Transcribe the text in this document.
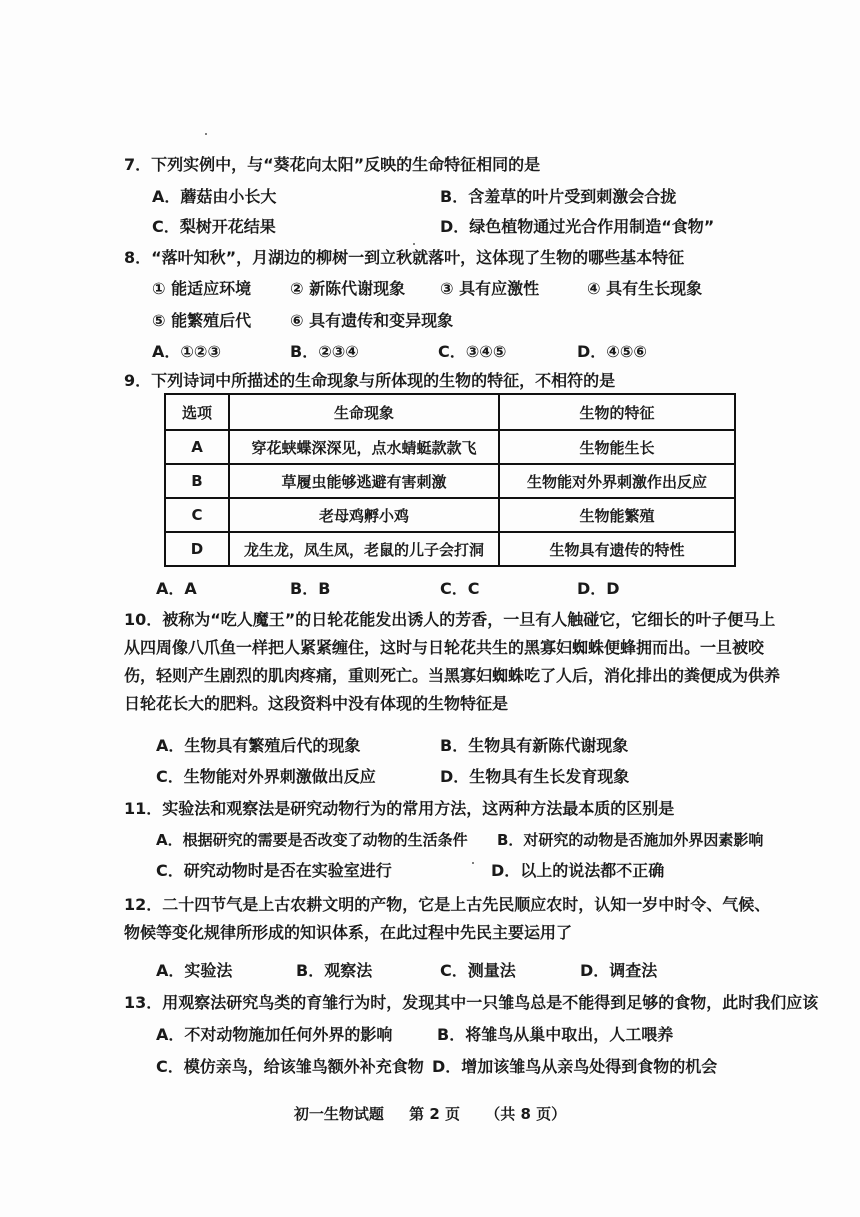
7．下列实例中，与“葵花向太阳”反映的生命特征相同的是
A．蘑菇由小长大	B．含羞草的叶片受到刺激会合拢
C．梨树开花结果	D．绿色植物通过光合作用制造“食物”
8．“落叶知秋”，月湖边的柳树一到立秋就落叶，这体现了生物的哪些基本特征
① 能适应环境 ② 新陈代谢现象 ③ 具有应激性	④ 具有生长现象
⑤ 能繁殖后代 ⑥ 具有遗传和变异现象
A．①②③	B．②③④	C．③④⑤	D．④⑤⑥
9．下列诗词中所描述的生命现象与所体现的生物的特征，不相符的是
选项	生命现象	生物的特征
A	穿花蛱蝶深深见，点水蜻蜓款款飞	生物能生长
B	草履虫能够逃避有害刺激	生物能对外界刺激作出反应
C	老母鸡孵小鸡	生物能繁殖
D	龙生龙，凤生凤，老鼠的儿子会打洞	生物具有遗传的特性
A．A	B．B	C．C	D．D
10．被称为“吃人魔王”的日轮花能发出诱人的芳香，一旦有人触碰它，它细长的叶子便马上从四周像八爪鱼一样把人紧紧缠住，这时与日轮花共生的黑寡妇蜘蛛便蜂拥而出。一旦被咬伤，轻则产生剧烈的肌肉疼痛，重则死亡。当黑寡妇蜘蛛吃了人后，消化排出的粪便成为供养日轮花长大的肥料。这段资料中没有体现的生物特征是
A．生物具有繁殖后代的现象	B．生物具有新陈代谢现象
C．生物能对外界刺激做出反应	D．生物具有生长发育现象
11．实验法和观察法是研究动物行为的常用方法，这两种方法最本质的区别是
A．根据研究的需要是否改变了动物的生活条件 B．对研究的动物是否施加外界因素影响
C．研究动物时是否在实验室进行	D．以上的说法都不正确
12．二十四节气是上古农耕文明的产物，它是上古先民顺应农时，认知一岁中时令、气候、物候等变化规律所形成的知识体系，在此过程中先民主要运用了
A．实验法	B．观察法	C．测量法	D．调查法
13．用观察法研究鸟类的育雏行为时，发现其中一只雏鸟总是不能得到足够的食物，此时我们应该
A．不对动物施加任何外界的影响	B．将雏鸟从巢中取出，人工喂养
C．模仿亲鸟，给该雏鸟额外补充食物 D．增加该雏鸟从亲鸟处得到食物的机会
初一生物试题 第 2 页 （共 8 页）
